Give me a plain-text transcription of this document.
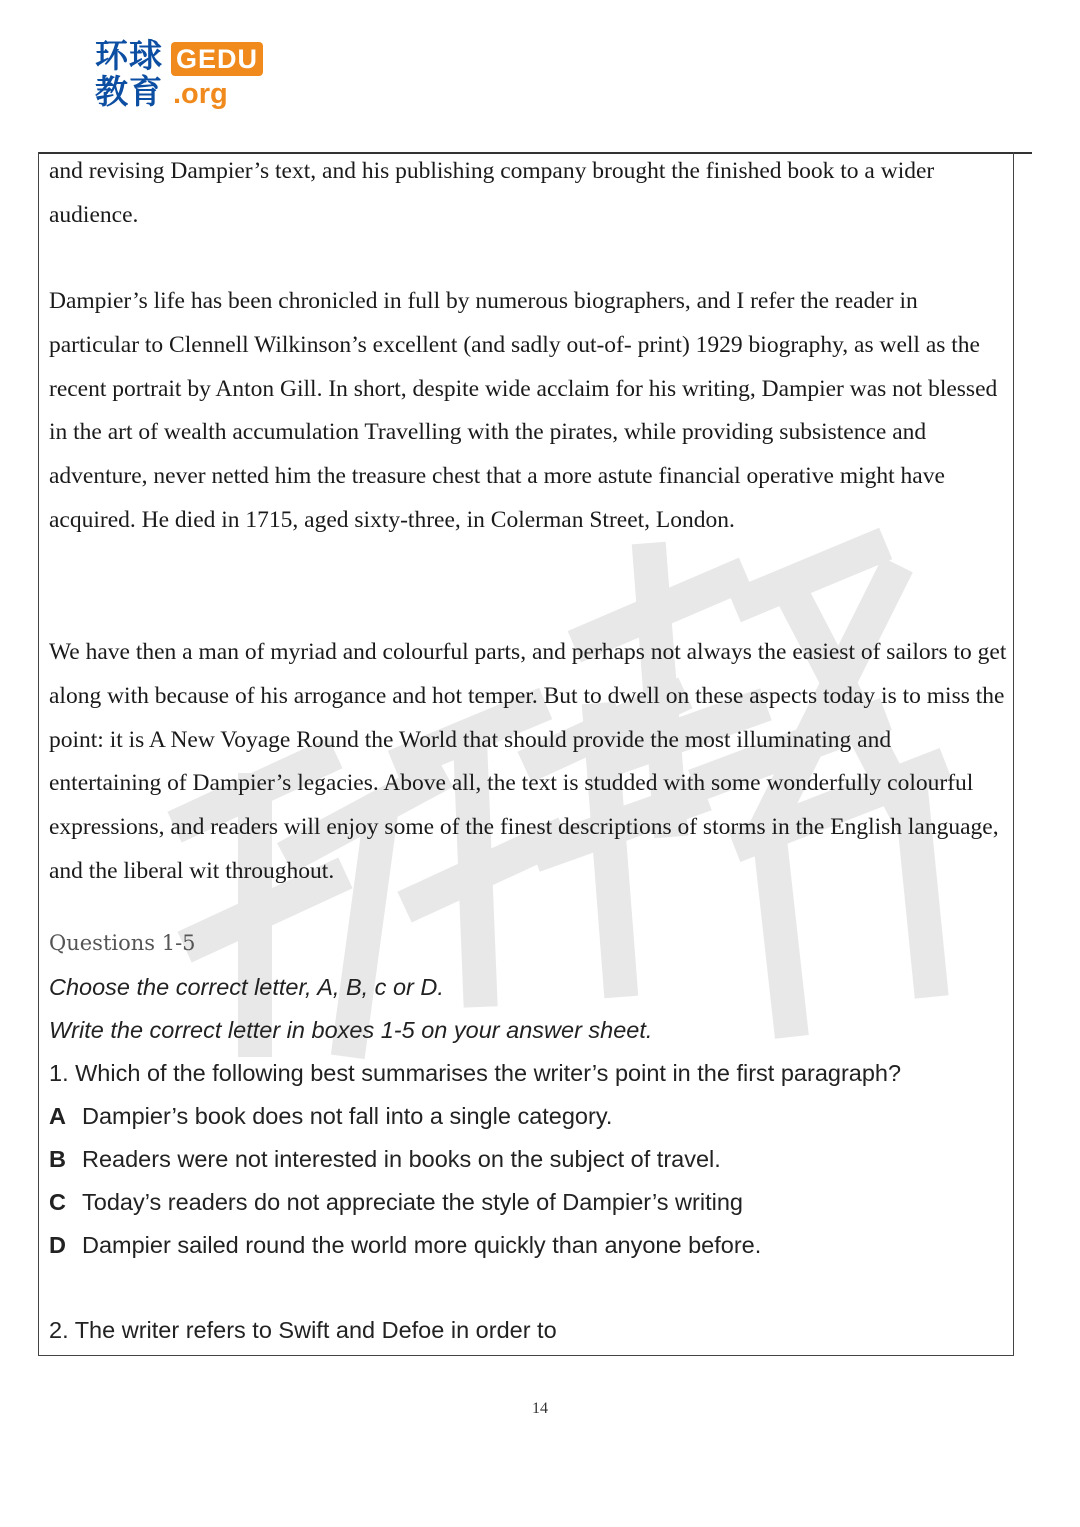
环球
教育
GEDU
.org

and revising Dampier’s text, and his publishing company brought the finished book to a wider audience.

Dampier’s life has been chronicled in full by numerous biographers, and I refer the reader in particular to Clennell Wilkinson’s excellent (and sadly out-of- print) 1929 biography, as well as the recent portrait by Anton Gill. In short, despite wide acclaim for his writing, Dampier was not blessed in the art of wealth accumulation Travelling with the pirates, while providing subsistence and adventure, never netted him the treasure chest that a more astute financial operative might have acquired. He died in 1715, aged sixty-three, in Colerman Street, London.

We have then a man of myriad and colourful parts, and perhaps not always the easiest of sailors to get along with because of his arrogance and hot temper. But to dwell on these aspects today is to miss the point: it is A New Voyage Round the World that should provide the most illuminating and entertaining of Dampier’s legacies. Above all, the text is studded with some wonderfully colourful expressions, and readers will enjoy some of the finest descriptions of storms in the English language, and the liberal wit throughout.

Questions 1-5
Choose the correct letter, A, B, c or D.
Write the correct letter in boxes 1-5 on your answer sheet.
1. Which of the following best summarises the writer’s point in the first paragraph?
A Dampier’s book does not fall into a single category.
B Readers were not interested in books on the subject of travel.
C Today’s readers do not appreciate the style of Dampier’s writing
D Dampier sailed round the world more quickly than anyone before.
2. The writer refers to Swift and Defoe in order to
14
